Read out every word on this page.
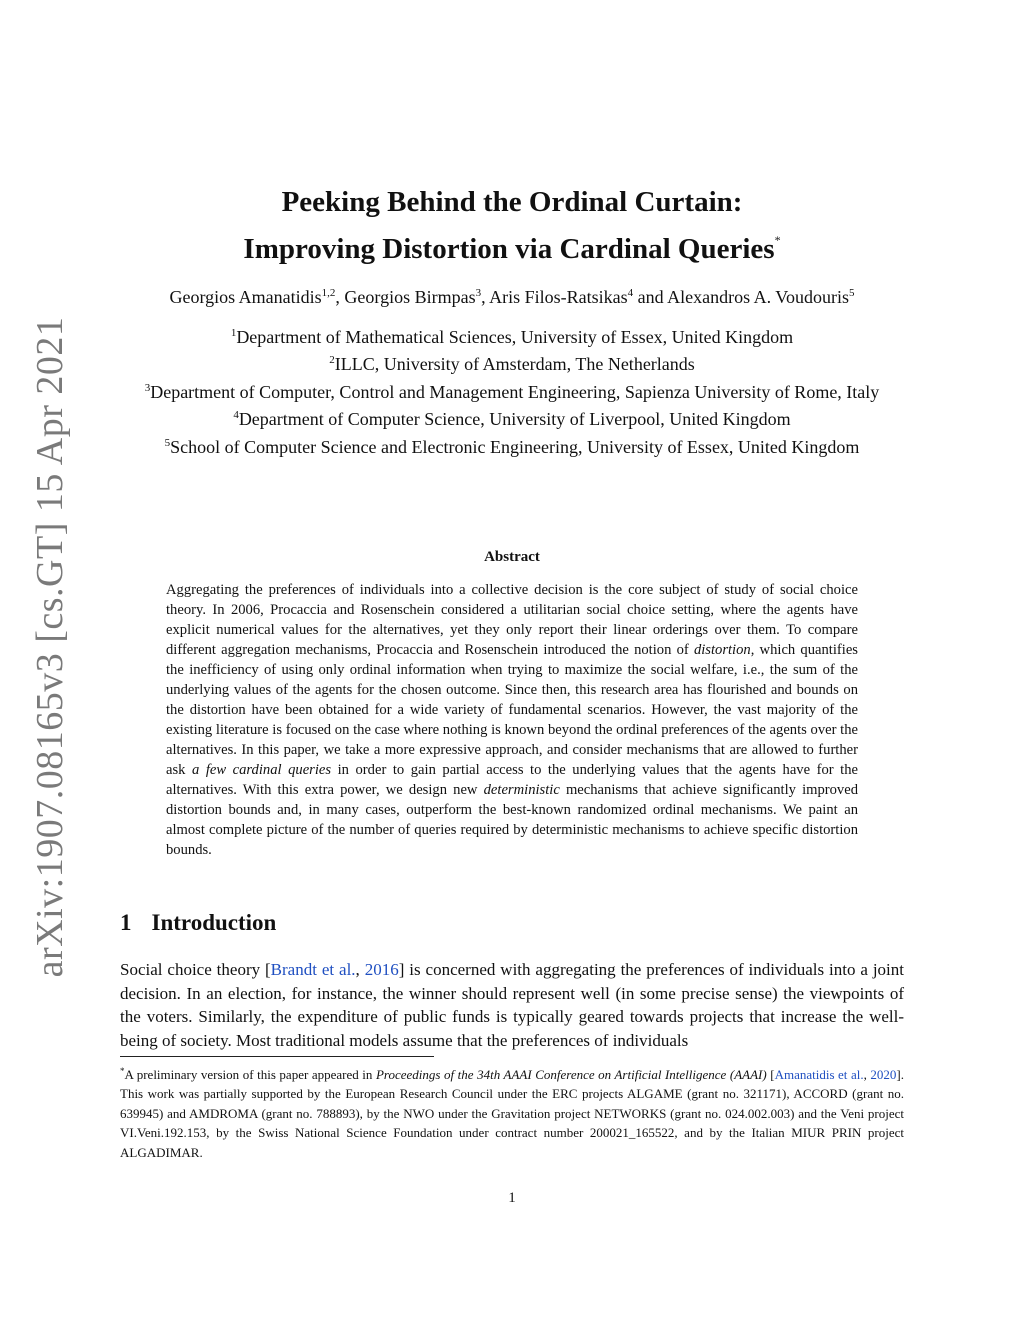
arXiv:1907.08165v3 [cs.GT] 15 Apr 2021
Peeking Behind the Ordinal Curtain:
Improving Distortion via Cardinal Queries*
Georgios Amanatidis$^{1,2}$, Georgios Birmpas$^3$, Aris Filos-Ratsikas$^4$ and Alexandros A. Voudouris$^5$
$^1$Department of Mathematical Sciences, University of Essex, United Kingdom
$^2$ILLC, University of Amsterdam, The Netherlands
$^3$Department of Computer, Control and Management Engineering, Sapienza University of Rome, Italy
$^4$Department of Computer Science, University of Liverpool, United Kingdom
$^5$School of Computer Science and Electronic Engineering, University of Essex, United Kingdom
Abstract
Aggregating the preferences of individuals into a collective decision is the core subject of study of social choice theory. In 2006, Procaccia and Rosenschein considered a utilitarian social choice setting, where the agents have explicit numerical values for the alternatives, yet they only report their linear orderings over them. To compare different aggregation mechanisms, Procaccia and Rosenschein introduced the notion of distortion, which quantifies the inefficiency of using only ordinal information when trying to maximize the social welfare, i.e., the sum of the underlying values of the agents for the chosen outcome. Since then, this research area has flourished and bounds on the distortion have been obtained for a wide variety of fundamental scenarios. However, the vast majority of the existing literature is focused on the case where nothing is known beyond the ordinal preferences of the agents over the alternatives. In this paper, we take a more expressive approach, and consider mechanisms that are allowed to further ask a few cardinal queries in order to gain partial access to the underlying values that the agents have for the alternatives. With this extra power, we design new deterministic mechanisms that achieve significantly improved distortion bounds and, in many cases, outperform the best-known randomized ordinal mechanisms. We paint an almost complete picture of the number of queries required by deterministic mechanisms to achieve specific distortion bounds.
1 Introduction
Social choice theory [Brandt et al., 2016] is concerned with aggregating the preferences of individuals into a joint decision. In an election, for instance, the winner should represent well (in some precise sense) the viewpoints of the voters. Similarly, the expenditure of public funds is typically geared towards projects that increase the well-being of society. Most traditional models assume that the preferences of individuals
*A preliminary version of this paper appeared in Proceedings of the 34th AAAI Conference on Artificial Intelligence (AAAI) [Amanatidis et al., 2020]. This work was partially supported by the European Research Council under the ERC projects ALGAME (grant no. 321171), ACCORD (grant no. 639945) and AMDROMA (grant no. 788893), by the NWO under the Gravitation project NETWORKS (grant no. 024.002.003) and the Veni project VI.Veni.192.153, by the Swiss National Science Foundation under contract number 200021_165522, and by the Italian MIUR PRIN project ALGADIMAR.
1
